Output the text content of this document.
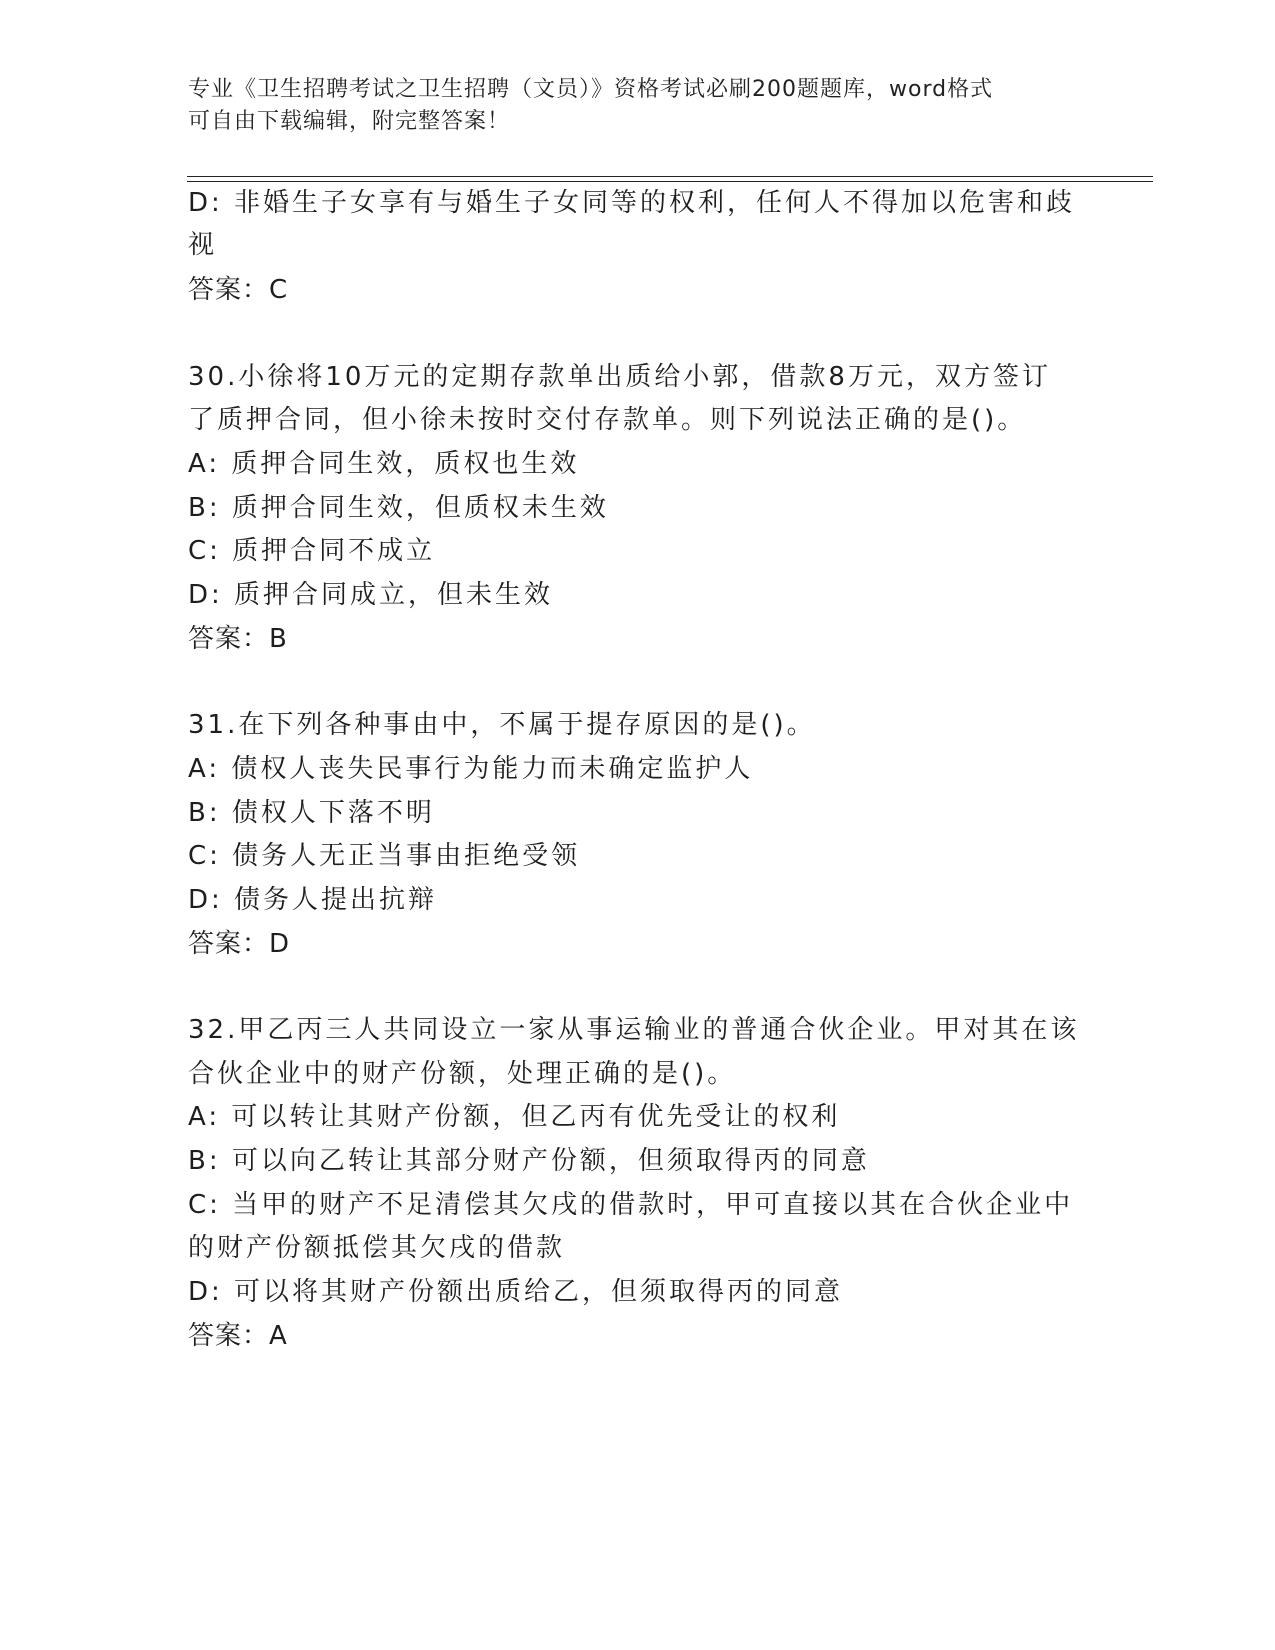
专业《卫生招聘考试之卫生招聘（文员）》资格考试必刷200题题库，word格式
可自由下载编辑，附完整答案！
D: 非婚生子女享有与婚生子女同等的权利，任何人不得加以危害和歧
视
答案：C
30.小徐将10万元的定期存款单出质给小郭，借款8万元，双方签订
了质押合同，但小徐未按时交付存款单。则下列说法正确的是()。
A: 质押合同生效，质权也生效
B: 质押合同生效，但质权未生效
C: 质押合同不成立
D: 质押合同成立，但未生效
答案：B
31.在下列各种事由中，不属于提存原因的是()。
A: 债权人丧失民事行为能力而未确定监护人
B: 债权人下落不明
C: 债务人无正当事由拒绝受领
D: 债务人提出抗辩
答案：D
32.甲乙丙三人共同设立一家从事运输业的普通合伙企业。甲对其在该
合伙企业中的财产份额，处理正确的是()。
A: 可以转让其财产份额，但乙丙有优先受让的权利
B: 可以向乙转让其部分财产份额，但须取得丙的同意
C: 当甲的财产不足清偿其欠戌的借款时，甲可直接以其在合伙企业中
的财产份额抵偿其欠戌的借款
D: 可以将其财产份额出质给乙，但须取得丙的同意
答案：A
